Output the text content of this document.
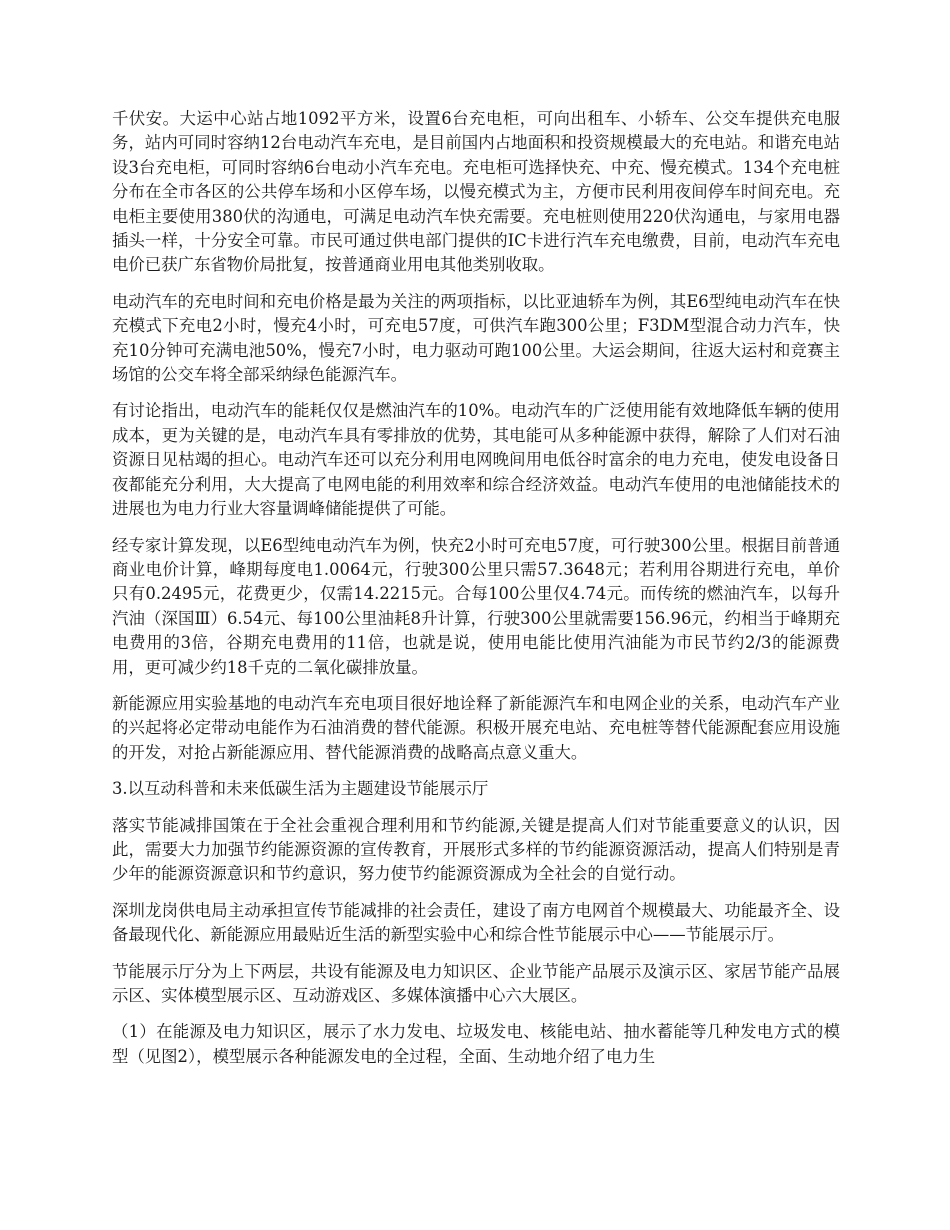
千伏安。大运中心站占地1092平方米，设置6台充电柜，可向出租车、小轿车、公交车提供充电服务，站内可同时容纳12台电动汽车充电，是目前国内占地面积和投资规模最大的充电站。和谐充电站设3台充电柜，可同时容纳6台电动小汽车充电。充电柜可选择快充、中充、慢充模式。134个充电桩分布在全市各区的公共停车场和小区停车场，以慢充模式为主，方便市民利用夜间停车时间充电。充电柜主要使用380伏的沟通电，可满足电动汽车快充需要。充电桩则使用220伏沟通电，与家用电器插头一样，十分安全可靠。市民可通过供电部门提供的IC卡进行汽车充电缴费，目前，电动汽车充电电价已获广东省物价局批复，按普通商业用电其他类别收取。

电动汽车的充电时间和充电价格是最为关注的两项指标，以比亚迪轿车为例，其E6型纯电动汽车在快充模式下充电2小时，慢充4小时，可充电57度，可供汽车跑300公里；F3DM型混合动力汽车，快充10分钟可充满电池50%，慢充7小时，电力驱动可跑100公里。大运会期间，往返大运村和竞赛主场馆的公交车将全部采纳绿色能源汽车。

有讨论指出，电动汽车的能耗仅仅是燃油汽车的10%。电动汽车的广泛使用能有效地降低车辆的使用成本，更为关键的是，电动汽车具有零排放的优势，其电能可从多种能源中获得，解除了人们对石油资源日见枯竭的担心。电动汽车还可以充分利用电网晚间用电低谷时富余的电力充电，使发电设备日夜都能充分利用，大大提高了电网电能的利用效率和综合经济效益。电动汽车使用的电池储能技术的进展也为电力行业大容量调峰储能提供了可能。

经专家计算发现，以E6型纯电动汽车为例，快充2小时可充电57度，可行驶300公里。根据目前普通商业电价计算，峰期每度电1.0064元，行驶300公里只需57.3648元；若利用谷期进行充电，单价只有0.2495元，花费更少，仅需14.2215元。合每100公里仅4.74元。而传统的燃油汽车，以每升汽油（深国Ⅲ）6.54元、每100公里油耗8升计算，行驶300公里就需要156.96元，约相当于峰期充电费用的3倍，谷期充电费用的11倍，也就是说，使用电能比使用汽油能为市民节约2/3的能源费用，更可减少约18千克的二氧化碳排放量。

新能源应用实验基地的电动汽车充电项目很好地诠释了新能源汽车和电网企业的关系，电动汽车产业的兴起将必定带动电能作为石油消费的替代能源。积极开展充电站、充电桩等替代能源配套应用设施的开发，对抢占新能源应用、替代能源消费的战略高点意义重大。

3.以互动科普和未来低碳生活为主题建设节能展示厅

落实节能减排国策在于全社会重视合理利用和节约能源,关键是提高人们对节能重要意义的认识，因此，需要大力加强节约能源资源的宣传教育，开展形式多样的节约能源资源活动，提高人们特别是青少年的能源资源意识和节约意识，努力使节约能源资源成为全社会的自觉行动。

深圳龙岗供电局主动承担宣传节能减排的社会责任，建设了南方电网首个规模最大、功能最齐全、设备最现代化、新能源应用最贴近生活的新型实验中心和综合性节能展示中心——节能展示厅。

节能展示厅分为上下两层，共设有能源及电力知识区、企业节能产品展示及演示区、家居节能产品展示区、实体模型展示区、互动游戏区、多媒体演播中心六大展区。

（1）在能源及电力知识区，展示了水力发电、垃圾发电、核能电站、抽水蓄能等几种发电方式的模型（见图2），模型展示各种能源发电的全过程，全面、生动地介绍了电力生
